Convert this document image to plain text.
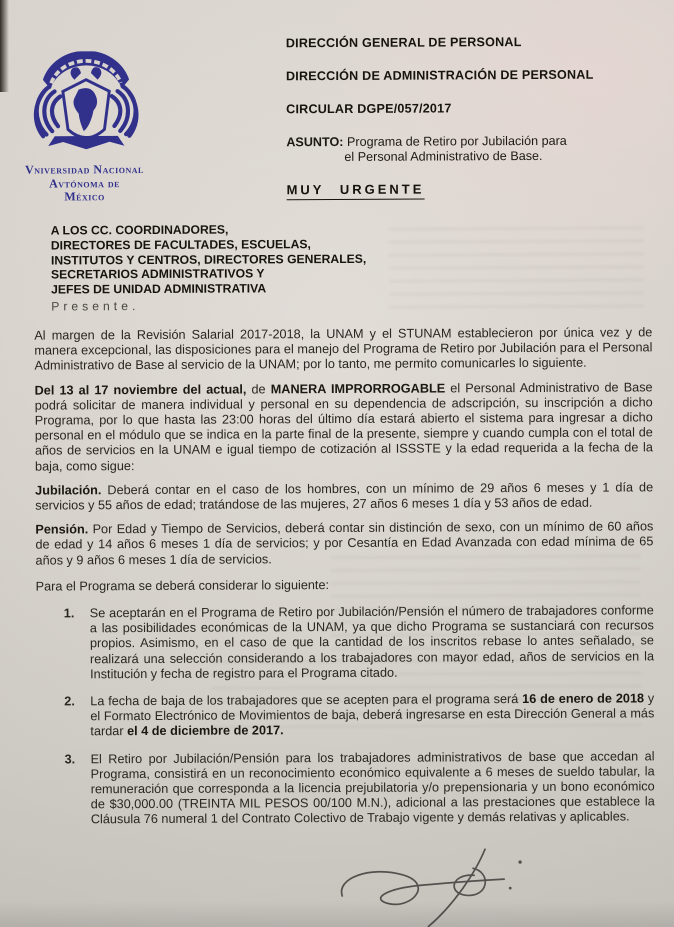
Vniversidad Nacional
Avtónoma de
México
DIRECCIÓN GENERAL DE PERSONAL
DIRECCIÓN DE ADMINISTRACIÓN DE PERSONAL
CIRCULAR DGPE/057/2017
ASUNTO: Programa de Retiro por Jubilación para
el Personal Administrativo de Base.
MUY URGENTE
A LOS CC. COORDINADORES,
DIRECTORES DE FACULTADES, ESCUELAS,
INSTITUTOS Y CENTROS, DIRECTORES GENERALES,
SECRETARIOS ADMINISTRATIVOS Y
JEFES DE UNIDAD ADMINISTRATIVA
Presente.

Al margen de la Revisión Salarial 2017-2018, la UNAM y el STUNAM establecieron por única vez y de manera excepcional, las disposiciones para el manejo del Programa de Retiro por Jubilación para el Personal Administrativo de Base al servicio de la UNAM; por lo tanto, me permito comunicarles lo siguiente.

Del 13 al 17 noviembre del actual, de MANERA IMPRORROGABLE el Personal Administrativo de Base podrá solicitar de manera individual y personal en su dependencia de adscripción, su inscripción a dicho Programa, por lo que hasta las 23:00 horas del último día estará abierto el sistema para ingresar a dicho personal en el módulo que se indica en la parte final de la presente, siempre y cuando cumpla con el total de años de servicios en la UNAM e igual tiempo de cotización al ISSSTE y la edad requerida a la fecha de la baja, como sigue:

Jubilación. Deberá contar en el caso de los hombres, con un mínimo de 29 años 6 meses y 1 día de servicios y 55 años de edad; tratándose de las mujeres, 27 años 6 meses 1 día y 53 años de edad.

Pensión. Por Edad y Tiempo de Servicios, deberá contar sin distinción de sexo, con un mínimo de 60 años de edad y 14 años 6 meses 1 día de servicios; y por Cesantía en Edad Avanzada con edad mínima de 65 años y 9 años 6 meses 1 día de servicios.

Para el Programa se deberá considerar lo siguiente:

1.	Se aceptarán en el Programa de Retiro por Jubilación/Pensión el número de trabajadores conforme a las posibilidades económicas de la UNAM, ya que dicho Programa se sustanciará con recursos propios. Asimismo, en el caso de que la cantidad de los inscritos rebase lo antes señalado, se realizará una selección considerando a los trabajadores con mayor edad, años de servicios en la Institución y fecha de registro para el Programa citado.
2.	La fecha de baja de los trabajadores que se acepten para el programa será 16 de enero de 2018 y el Formato Electrónico de Movimientos de baja, deberá ingresarse en esta Dirección General a más tardar el 4 de diciembre de 2017.
3.	El Retiro por Jubilación/Pensión para los trabajadores administrativos de base que accedan al Programa, consistirá en un reconocimiento económico equivalente a 6 meses de sueldo tabular, la remuneración que corresponda a la licencia prejubilatoria y/o prepensionaria y un bono económico de $30,000.00 (TREINTA MIL PESOS 00/100 M.N.), adicional a las prestaciones que establece la Cláusula 76 numeral 1 del Contrato Colectivo de Trabajo vigente y demás relativas y aplicables.
